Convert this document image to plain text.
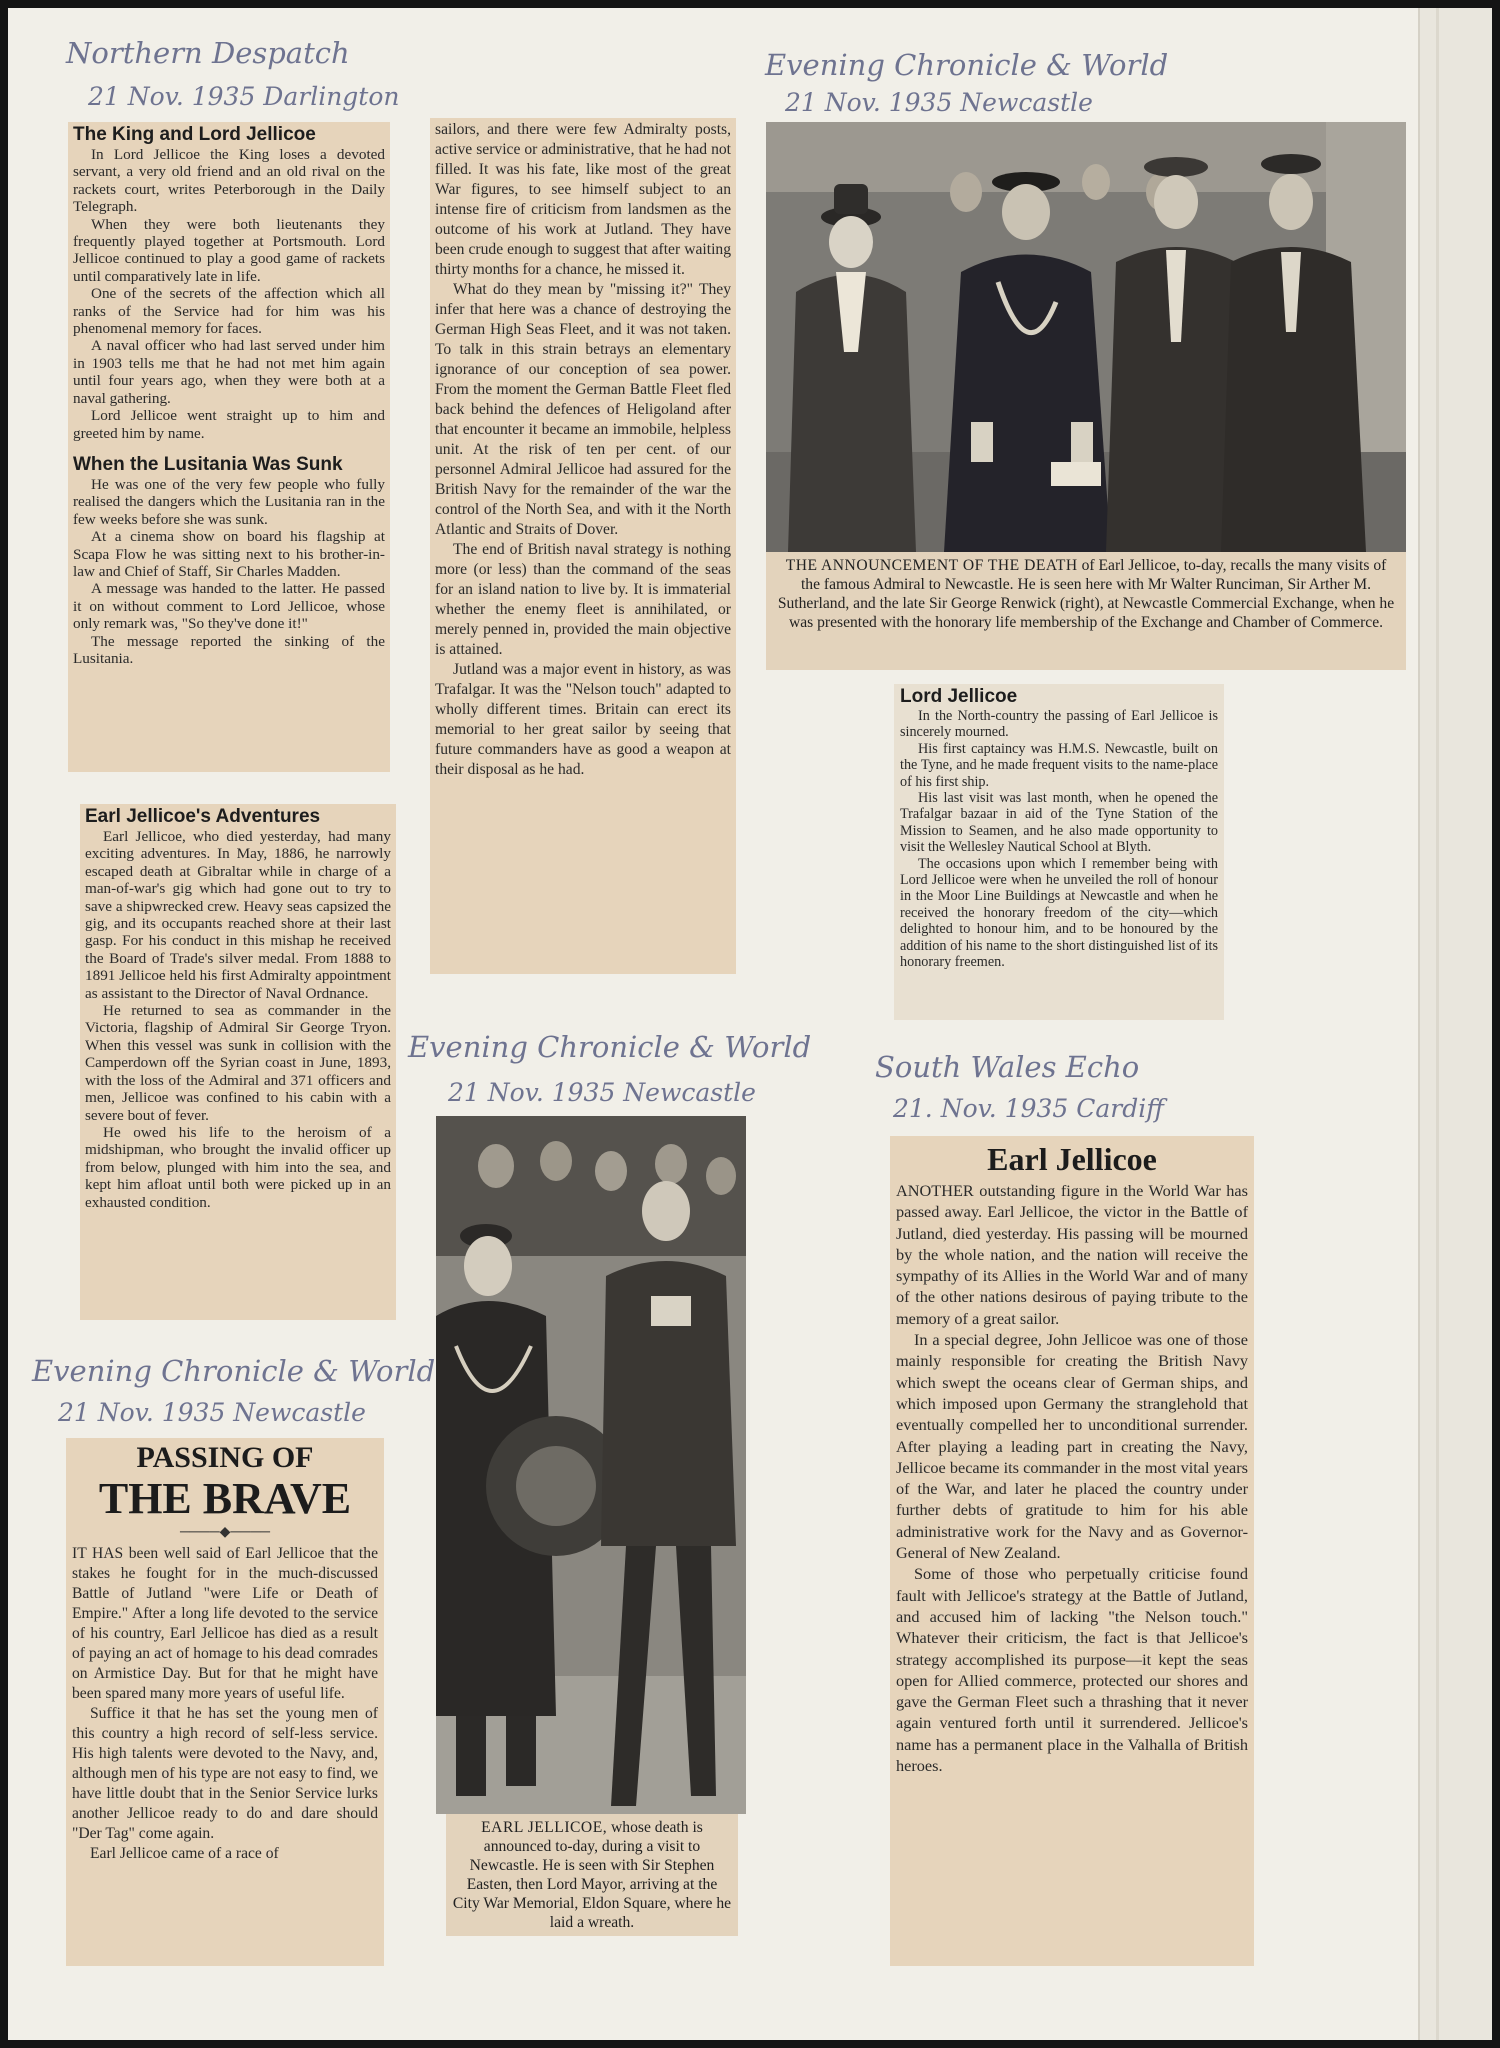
Northern Despatch

21 Nov. 1935 Darlington

Evening Chronicle & World

21 Nov. 1935 Newcastle

Evening Chronicle & World

21 Nov. 1935 Newcastle

South Wales Echo

21. Nov. 1935 Cardiff

Evening Chronicle & World

21 Nov. 1935 Newcastle

The King and Lord Jellicoe

In Lord Jellicoe the King loses a devoted servant, a very old friend and an old rival on the rackets court, writes Peterborough in the Daily Telegraph.

When they were both lieutenants they frequently played together at Portsmouth. Lord Jellicoe continued to play a good game of rackets until comparatively late in life.

One of the secrets of the affection which all ranks of the Service had for him was his phenomenal memory for faces.

A naval officer who had last served under him in 1903 tells me that he had not met him again until four years ago, when they were both at a naval gathering.

Lord Jellicoe went straight up to him and greeted him by name.

When the Lusitania Was Sunk

He was one of the very few people who fully realised the dangers which the Lusitania ran in the few weeks before she was sunk.

At a cinema show on board his flagship at Scapa Flow he was sitting next to his brother-in-law and Chief of Staff, Sir Charles Madden.

A message was handed to the latter. He passed it on without comment to Lord Jellicoe, whose only remark was, "So they've done it!"

The message reported the sinking of the Lusitania.

sailors, and there were few Admiralty posts, active service or administrative, that he had not filled. It was his fate, like most of the great War figures, to see himself subject to an intense fire of criticism from landsmen as the outcome of his work at Jutland. They have been crude enough to suggest that after waiting thirty months for a chance, he missed it.

What do they mean by "missing it?" They infer that here was a chance of destroying the German High Seas Fleet, and it was not taken. To talk in this strain betrays an elementary ignorance of our conception of sea power. From the moment the German Battle Fleet fled back behind the defences of Heligoland after that encounter it became an immobile, helpless unit. At the risk of ten per cent. of our personnel Admiral Jellicoe had assured for the British Navy for the remainder of the war the control of the North Sea, and with it the North Atlantic and Straits of Dover.

The end of British naval strategy is nothing more (or less) than the command of the seas for an island nation to live by. It is immaterial whether the enemy fleet is annihilated, or merely penned in, provided the main objective is attained.

Jutland was a major event in history, as was Trafalgar. It was the "Nelson touch" adapted to wholly different times. Britain can erect its memorial to her great sailor by seeing that future commanders have as good a weapon at their disposal as he had.

THE ANNOUNCEMENT OF THE DEATH of Earl Jellicoe, to-day, recalls the many visits of the famous Admiral to Newcastle. He is seen here with Mr Walter Runciman, Sir Arther M. Sutherland, and the late Sir George Renwick (right), at Newcastle Commercial Exchange, when he was presented with the honorary life membership of the Exchange and Chamber of Commerce.
Lord Jellicoe

In the North-country the passing of Earl Jellicoe is sincerely mourned.

His first captaincy was H.M.S. Newcastle, built on the Tyne, and he made frequent visits to the name-place of his first ship.

His last visit was last month, when he opened the Trafalgar bazaar in aid of the Tyne Station of the Mission to Seamen, and he also made opportunity to visit the Wellesley Nautical School at Blyth.

The occasions upon which I remember being with Lord Jellicoe were when he unveiled the roll of honour in the Moor Line Buildings at Newcastle and when he received the honorary freedom of the city—which delighted to honour him, and to be honoured by the addition of his name to the short distinguished list of its honorary freemen.

Earl Jellicoe's Adventures

Earl Jellicoe, who died yesterday, had many exciting adventures. In May, 1886, he narrowly escaped death at Gibraltar while in charge of a man-of-war's gig which had gone out to try to save a shipwrecked crew. Heavy seas capsized the gig, and its occupants reached shore at their last gasp. For his conduct in this mishap he received the Board of Trade's silver medal. From 1888 to 1891 Jellicoe held his first Admiralty appointment as assistant to the Director of Naval Ordnance.

He returned to sea as commander in the Victoria, flagship of Admiral Sir George Tryon. When this vessel was sunk in collision with the Camperdown off the Syrian coast in June, 1893, with the loss of the Admiral and 371 officers and men, Jellicoe was confined to his cabin with a severe bout of fever.

He owed his life to the heroism of a midshipman, who brought the invalid officer up from below, plunged with him into the sea, and kept him afloat until both were picked up in an exhausted condition.

EARL JELLICOE, whose death is announced to-day, during a visit to Newcastle. He is seen with Sir Stephen Easten, then Lord Mayor, arriving at the City War Memorial, Eldon Square, where he laid a wreath.
Earl Jellicoe

ANOTHER outstanding figure in the World War has passed away. Earl Jellicoe, the victor in the Battle of Jutland, died yesterday. His passing will be mourned by the whole nation, and the nation will receive the sympathy of its Allies in the World War and of many of the other nations desirous of paying tribute to the memory of a great sailor.

In a special degree, John Jellicoe was one of those mainly responsible for creating the British Navy which swept the oceans clear of German ships, and which imposed upon Germany the stranglehold that eventually compelled her to unconditional surrender. After playing a leading part in creating the Navy, Jellicoe became its commander in the most vital years of the War, and later he placed the country under further debts of gratitude to him for his able administrative work for the Navy and as Governor-General of New Zealand.

Some of those who perpetually criticise found fault with Jellicoe's strategy at the Battle of Jutland, and accused him of lacking "the Nelson touch." Whatever their criticism, the fact is that Jellicoe's strategy accomplished its purpose—it kept the seas open for Allied commerce, protected our shores and gave the German Fleet such a thrashing that it never again ventured forth until it surrendered. Jellicoe's name has a permanent place in the Valhalla of British heroes.

PASSING OF
THE BRAVE
────◆────

IT HAS been well said of Earl Jellicoe that the stakes he fought for in the much-discussed Battle of Jutland "were Life or Death of Empire." After a long life devoted to the service of his country, Earl Jellicoe has died as a result of paying an act of homage to his dead comrades on Armistice Day. But for that he might have been spared many more years of useful life.

Suffice it that he has set the young men of this country a high record of self-less service. His high talents were devoted to the Navy, and, although men of his type are not easy to find, we have little doubt that in the Senior Service lurks another Jellicoe ready to do and dare should "Der Tag" come again.

Earl Jellicoe came of a race of
